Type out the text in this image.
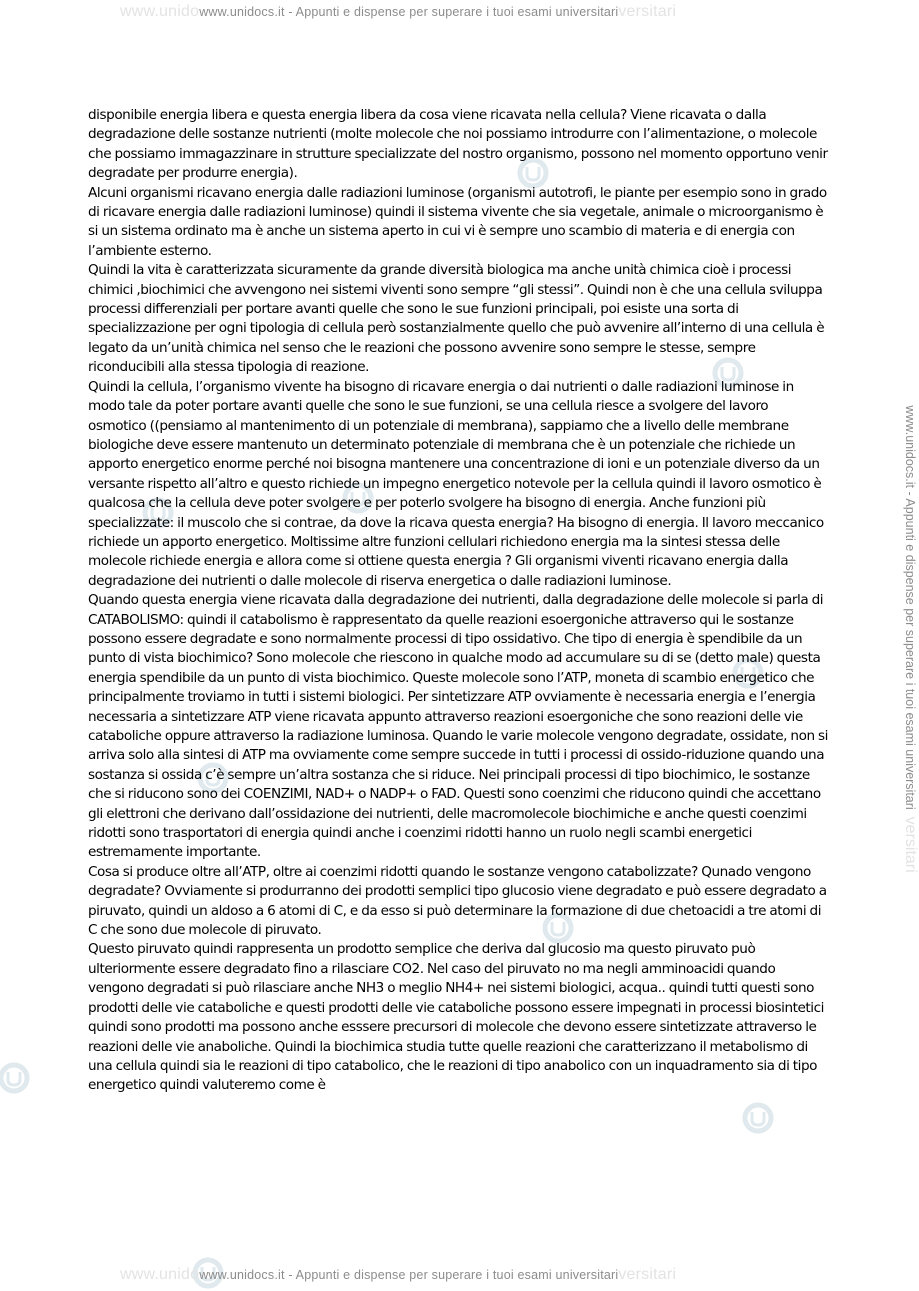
www.unidowww.unidocs.it - Appunti e dispense per superare i tuoi esami universitariversitari

www.unidocs.it - Appunti e dispense per superare i tuoi esami universitari  versitari

disponibile energia libera e questa energia libera da cosa viene ricavata nella cellula? Viene ricavata o dalla degradazione delle sostanze nutrienti (molte molecole che noi possiamo introdurre con l’alimentazione, o molecole che possiamo immagazzinare in strutture specializzate del nostro organismo, possono nel momento opportuno venir degradate per produrre energia).

Alcuni organismi ricavano energia dalle radiazioni luminose (organismi autotrofi, le piante per esempio sono in grado di ricavare energia dalle radiazioni luminose) quindi il sistema vivente che sia vegetale, animale o microorganismo è si un sistema ordinato ma è anche un sistema aperto in cui vi è sempre uno scambio di materia e di energia con l’ambiente esterno.

Quindi la vita è caratterizzata sicuramente da grande diversità biologica ma anche unità chimica cioè i processi chimici ,biochimici che avvengono nei sistemi viventi sono sempre “gli stessi”. Quindi non è che una cellula sviluppa processi differenziali per portare avanti quelle che sono le sue funzioni principali, poi esiste una sorta di specializzazione per ogni tipologia di cellula però sostanzialmente quello che può avvenire all’interno di una cellula è legato da un’unità chimica nel senso che le reazioni che possono avvenire sono sempre le stesse, sempre riconducibili alla stessa tipologia di reazione.

Quindi la cellula, l’organismo vivente ha bisogno di ricavare energia o dai nutrienti o dalle radiazioni luminose in modo tale da poter portare avanti quelle che sono le sue funzioni, se una cellula riesce a svolgere del lavoro osmotico ((pensiamo al mantenimento di un potenziale di membrana), sappiamo che a livello delle membrane biologiche deve essere mantenuto un determinato potenziale di membrana che è un potenziale che richiede un apporto energetico enorme perché noi bisogna mantenere una concentrazione di ioni e un potenziale diverso da un versante rispetto all’altro e questo richiede un impegno energetico notevole per la cellula quindi il lavoro osmotico è qualcosa che la cellula deve poter svolgere e per poterlo svolgere ha bisogno di energia. Anche funzioni più specializzate: il muscolo che si contrae, da dove la ricava questa energia? Ha bisogno di energia. Il lavoro meccanico richiede un apporto energetico. Moltissime altre funzioni cellulari richiedono energia ma la sintesi stessa delle molecole richiede energia e allora come si ottiene questa energia ? Gli organismi viventi ricavano energia dalla degradazione dei nutrienti o dalle molecole di riserva energetica o dalle radiazioni luminose.

Quando questa energia viene ricavata dalla degradazione dei nutrienti, dalla degradazione delle molecole si parla di CATABOLISMO: quindi il catabolismo è rappresentato da quelle reazioni esoergoniche attraverso qui le sostanze possono essere degradate e sono normalmente processi di tipo ossidativo. Che tipo di energia è spendibile da un punto di vista biochimico? Sono molecole che riescono in qualche modo ad accumulare su di se (detto male) questa energia spendibile da un punto di vista biochimico. Queste molecole sono l’ATP, moneta di scambio energetico che principalmente troviamo in tutti i sistemi biologici. Per sintetizzare ATP ovviamente è necessaria energia e l’energia necessaria a sintetizzare ATP viene ricavata appunto attraverso reazioni esoergoniche che sono reazioni delle vie cataboliche oppure attraverso la radiazione luminosa. Quando le varie molecole vengono degradate, ossidate, non si arriva solo alla sintesi di ATP ma ovviamente come sempre succede in tutti i processi di ossido-riduzione quando una sostanza si ossida c’è sempre un’altra sostanza che si riduce. Nei principali processi di tipo biochimico, le sostanze che si riducono sono dei COENZIMI, NAD+ o NADP+ o FAD. Questi sono coenzimi che riducono quindi che accettano gli elettroni che derivano dall’ossidazione dei nutrienti, delle macromolecole biochimiche e anche questi coenzimi ridotti sono trasportatori di energia quindi anche i coenzimi ridotti hanno un ruolo negli scambi energetici estremamente importante.

Cosa si produce oltre all’ATP, oltre ai coenzimi ridotti quando le sostanze vengono catabolizzate? Qunado vengono degradate? Ovviamente si produrranno dei prodotti semplici tipo glucosio viene degradato e può essere degradato a piruvato, quindi un aldoso a 6 atomi di C, e da esso si può determinare la formazione di due chetoacidi a tre atomi di C che sono due molecole di piruvato.

Questo piruvato quindi rappresenta un prodotto semplice che deriva dal glucosio ma questo piruvato può ulteriormente essere degradato fino a rilasciare CO2. Nel caso del piruvato no ma negli amminoacidi quando vengono degradati si può rilasciare anche NH3 o meglio NH4+ nei sistemi biologici, acqua.. quindi tutti questi sono prodotti delle vie cataboliche e questi prodotti delle vie cataboliche possono essere impegnati in processi biosintetici quindi sono prodotti ma possono anche esssere precursori di molecole che devono essere sintetizzate attraverso le reazioni delle vie anaboliche. Quindi la biochimica studia tutte quelle reazioni che caratterizzano il metabolismo di una cellula quindi sia le reazioni di tipo catabolico, che le reazioni di tipo anabolico con un inquadramento sia di tipo energetico quindi valuteremo come è

www.unidowww.unidocs.it - Appunti e dispense per superare i tuoi esami universitariversitari
